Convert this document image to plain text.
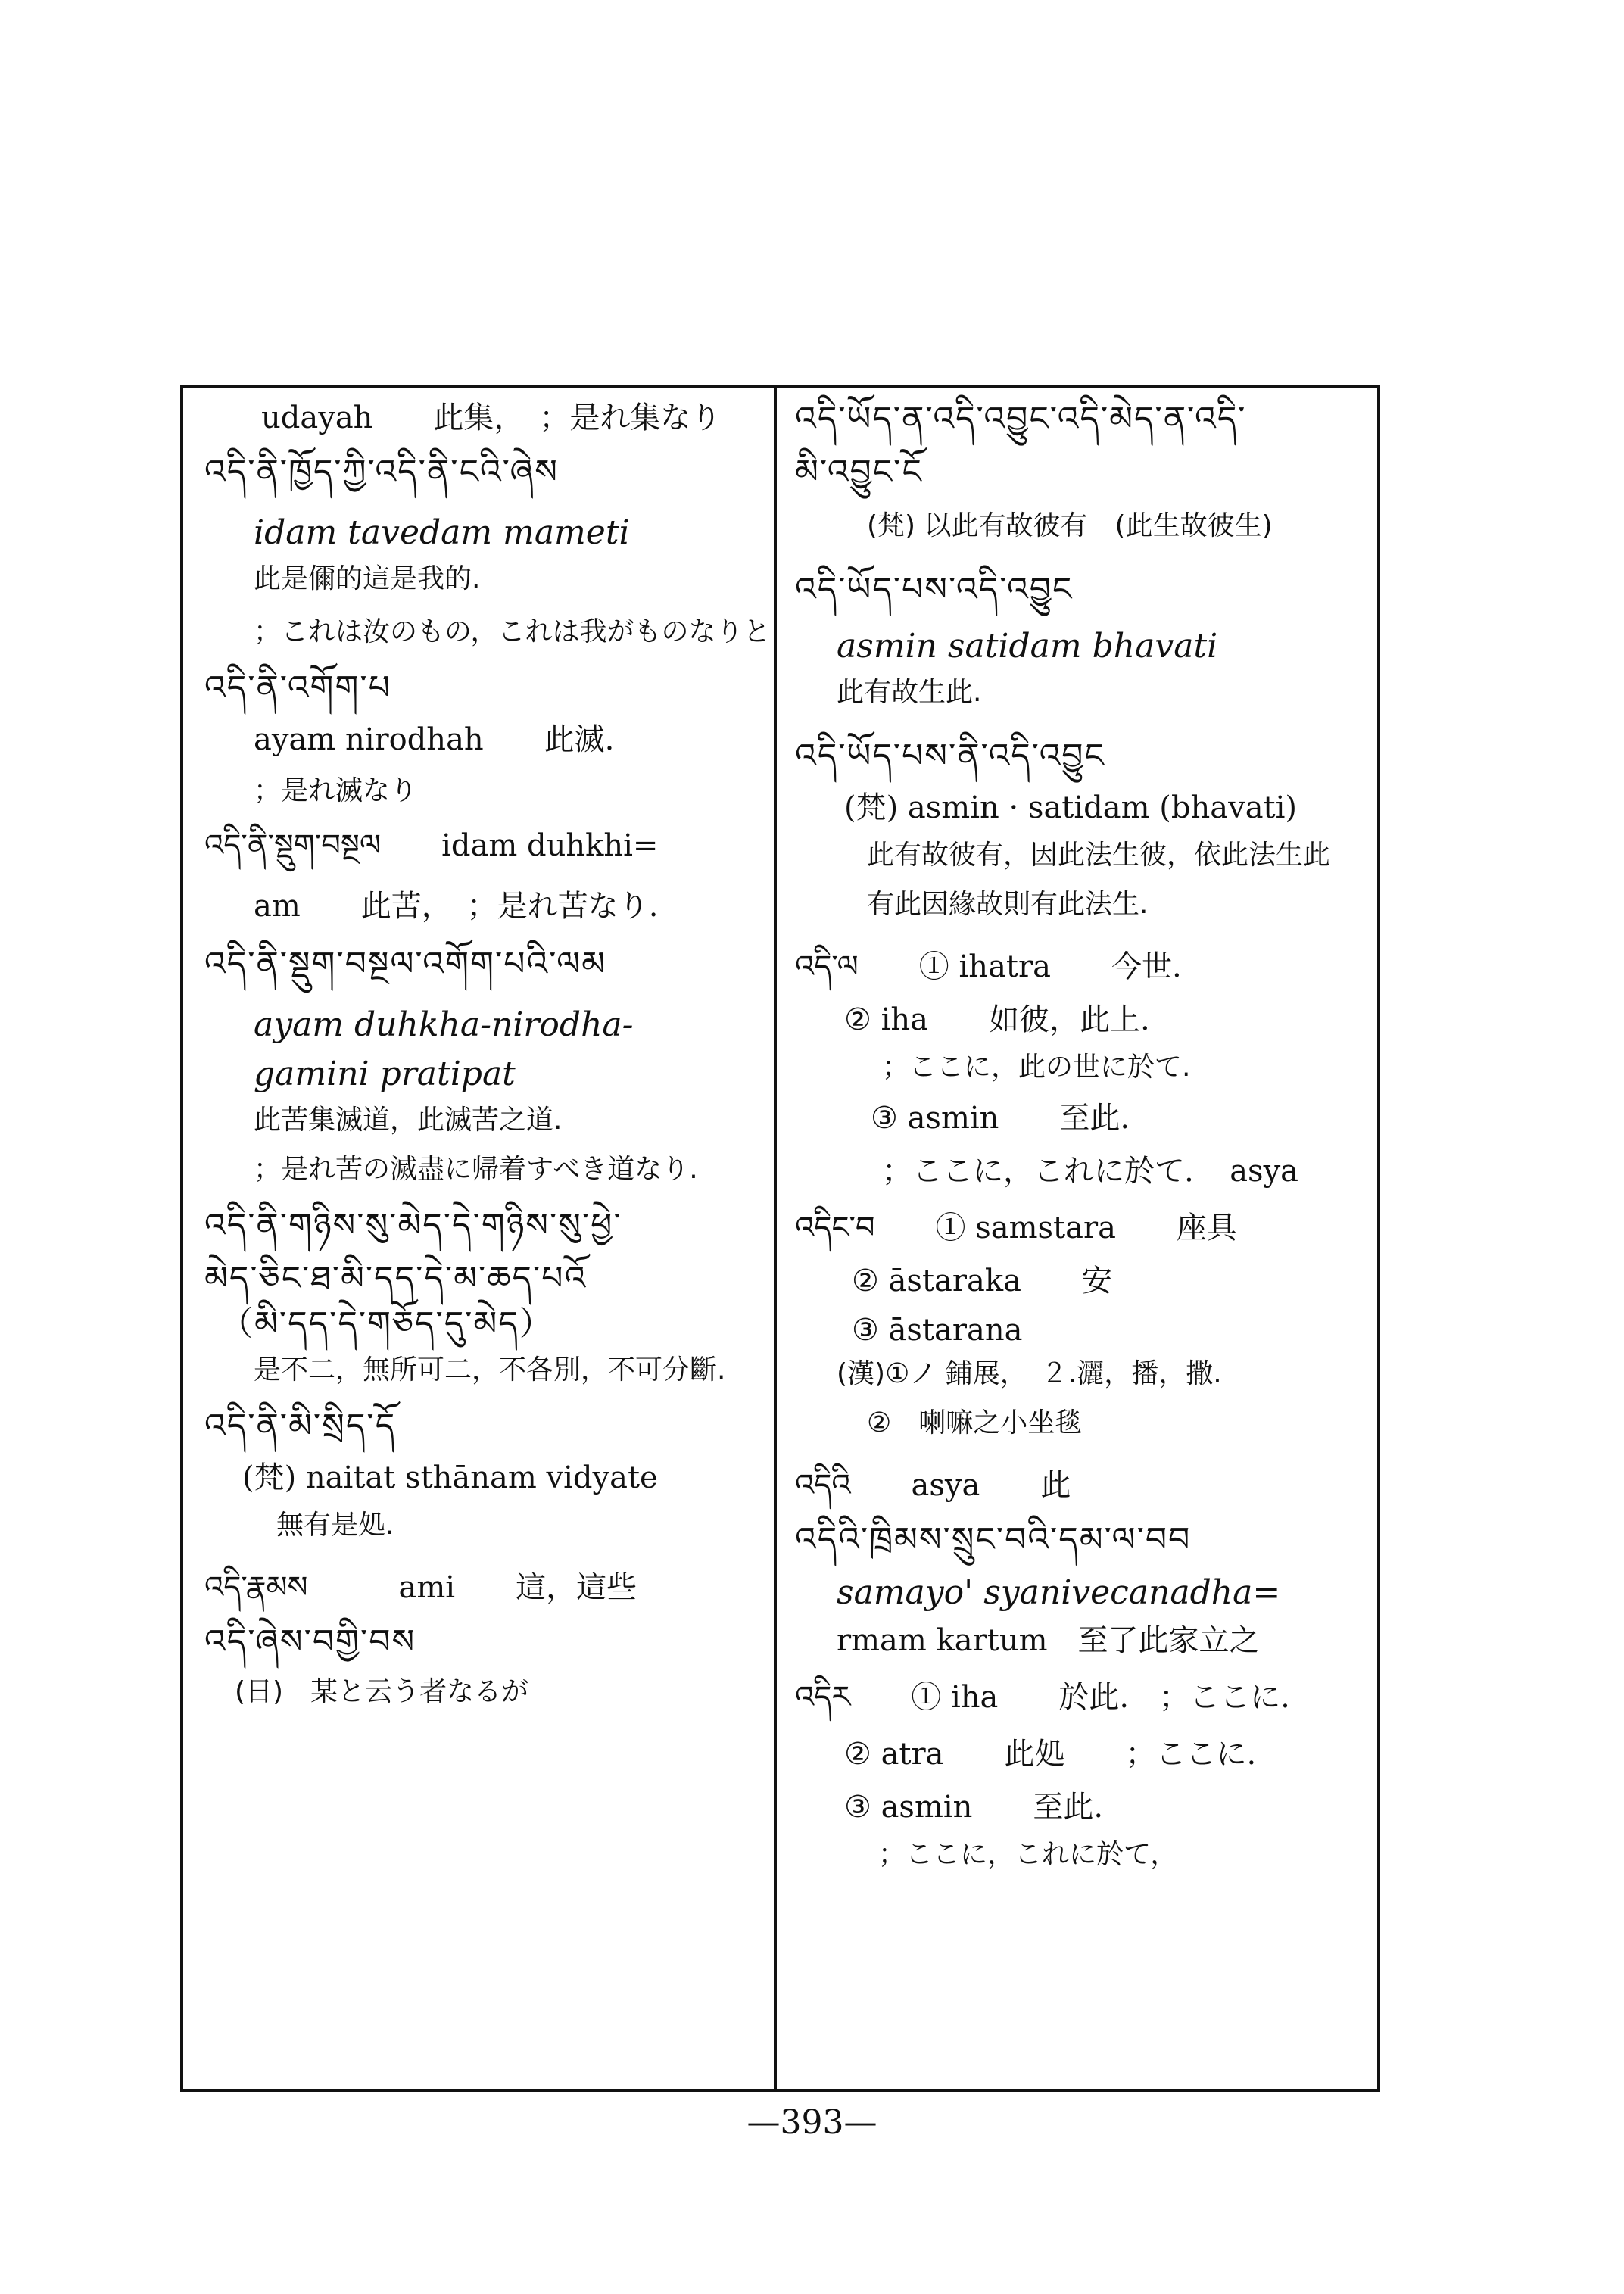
udayah　　此集，　；是れ集なり
འདི་ནི་ཁྱོད་ཀྱི་འདི་ནི་ངའི་ཞེས
idam tavedam mameti
此是儞的這是我的.
；これは汝のもの，これは我がものなりと
འདི་ནི་འགོག་པ
ayam nirodhah　　此滅.
；是れ滅なり
འདི་ནི་སྡུག་བསྔལ　　idam duhkhi=
am　　此苦，　；是れ苦なり.
འདི་ནི་སྡུག་བསྔལ་འགོག་པའི་ལམ
ayam duhkha-nirodha-
gamini pratipat
此苦集滅道，此滅苦之道.
；是れ苦の滅盡に帰着すべき道なり.
འདི་ནི་གཉིས་སུ་མེད་དེ་གཉིས་སུ་ཕྱེ་
མེད་ཅིང་ཐ་མི་དད་དེ་མ་ཆད་པའོ
（མི་དད་དེ་གཅོད་དུ་མེད）
是不二，無所可二，不各別，不可分斷.
འདི་ནི་མི་སྲིད་དོ
(梵) naitat sthānam vidyate
無有是処.
འདི་རྣམས　　　ami　　這，這些
འདི་ཞེས་བགྱི་བས
(日)　某と云う者なるが
འདི་ཡོད་ན་འདི་འབྱུང་འདི་མེད་ན་འདི་
མི་འབྱུང་ངོ
(梵) 以此有故彼有　(此生故彼生)
འདི་ཡོད་པས་འདི་འབྱུང
asmin satidam bhavati
此有故生此.
འདི་ཡོད་པས་ནི་འདི་འབྱུང
(梵) asmin · satidam (bhavati)
此有故彼有，因此法生彼，依此法生此
有此因緣故則有此法生.
འདི་ལ　　① ihatra　　今世.
② iha　　如彼，此上.
；ここに，此の世に於て.
③ asmin　　至此.
；ここに，これに於て．　asya
འདིང་བ　　① samstara　　座具
② āstaraka　　安
③ āstarana
(漢)①ノ 鋪展，　２.灑，播，撒.
②　喇嘛之小坐毯
འདིའི　　asya　　此
འདིའི་ཁྲིམས་སྲུང་བའི་དམ་ལ་བབ
samayo' syanivecanadha=
rmam kartum　至了此家立之
འདིར　　① iha　　於此.　；ここに.
② atra　　此処　　；ここに.
③ asmin　　至此.
；ここに，これに於て，
—393—
